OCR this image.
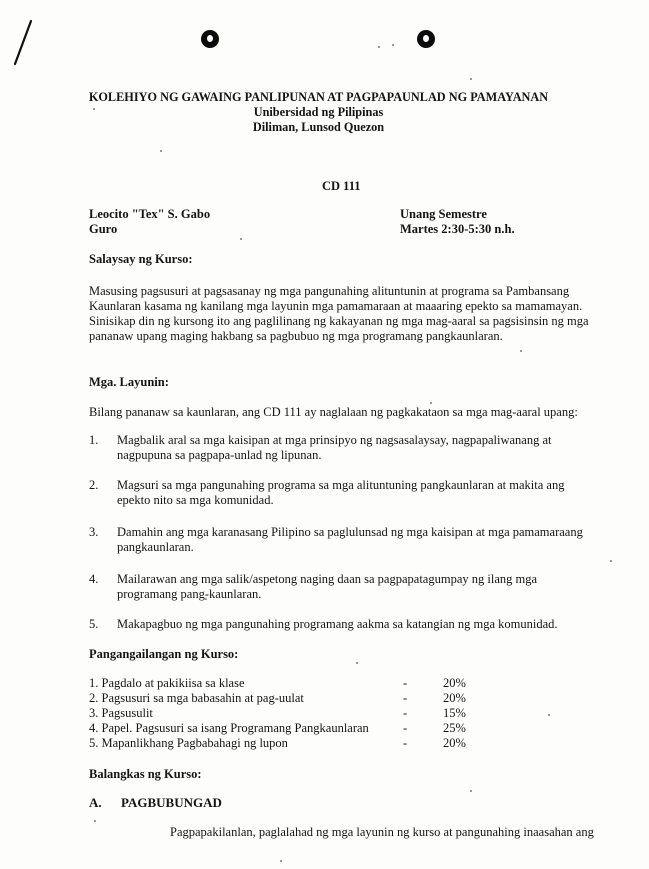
KOLEHIYO NG GAWAING PANLIPUNAN AT PAGPAPAUNLAD NG PAMAYANAN
Unibersidad ng Pilipinas
Diliman, Lunsod Quezon
CD 111
Leocito "Tex" S. Gabo
Guro
Unang Semestre
Martes 2:30-5:30 n.h.
Salaysay ng Kurso:
Masusing pagsusuri at pagsasanay ng mga pangunahing alituntunin at programa sa Pambansang
Kaunlaran kasama ng kanilang mga layunin mga pamamaraan at maaaring epekto sa mamamayan.
Sinisikap din ng kursong ito ang paglilinang ng kakayanan ng mga mag-aaral sa pagsisinsin ng mga
pananaw upang maging hakbang sa pagbubuo ng mga programang pangkaunlaran.
Mga. Layunin:
Bilang pananaw sa kaunlaran, ang CD 111 ay naglalaan ng pagkakataon sa mga mag-aaral upang:
1. Magbalik aral sa mga kaisipan at mga prinsipyo ng nagsasalaysay, nagpapaliwanang at
nagpupuna sa pagpapa-unlad ng lipunan.
2. Magsuri sa mga pangunahing programa sa mga alituntuning pangkaunlaran at makita ang
epekto nito sa mga komunidad.
3. Damahin ang mga karanasang Pilipino sa paglulunsad ng mga kaisipan at mga pamamaraang
pangkaunlaran.
4. Mailarawan ang mga salik/aspetong naging daan sa pagpapatagumpay ng ilang mga
programang pang-kaunlaran.
5. Makapagbuo ng mga pangunahing programang aakma sa katangian ng mga komunidad.
Pangangailangan ng Kurso:
1. Pagdalo at pakikiisa sa klase	-	20%
2. Pagsusuri sa mga babasahin at pag-uulat	-	20%
3. Pagsusulit	-	15%
4. Papel. Pagsusuri sa isang Programang Pangkaunlaran	-	25%
5. Mapanlikhang Pagbabahagi ng lupon	-	20%
Balangkas ng Kurso:
A. PAGBUBUNGAD
Pagpapakilanlan, paglalahad ng mga layunin ng kurso at pangunahing inaasahan ang
